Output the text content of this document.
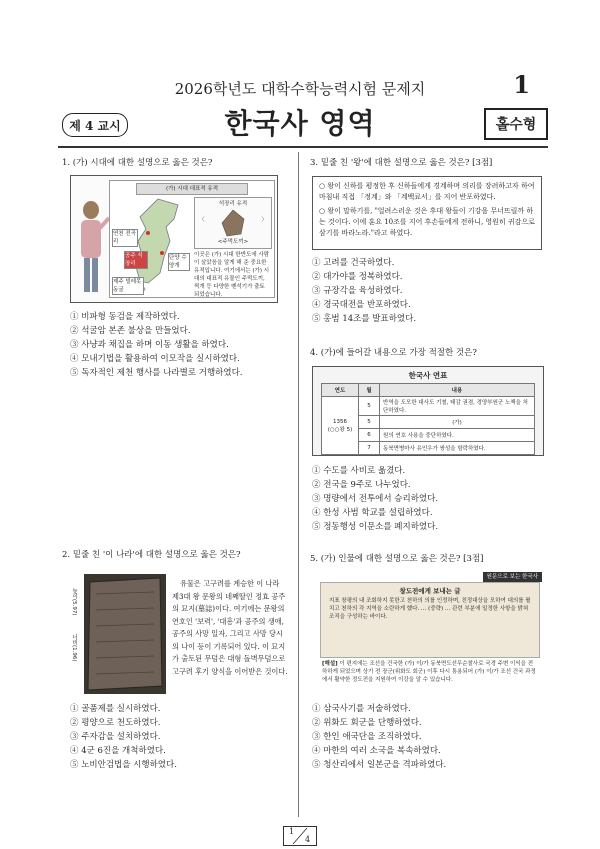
2026학년도 대학수학능력시험 문제지	1
제 4 교시	한국사 영역	홀수형
1. (가) 시대에 대한 설명으로 옳은 것은?
(가) 시대 대표적 유적
연천 전곡리
공주 석장리
단양 수양개
제주 빌레못 동굴
석장리 유적
〈	〉
<주먹도끼>
이곳은 (가) 시대 한반도에 사람이 살았음을 알게 해 준 중요한 유적입니다. 여기에서는 (가) 시대의 대표적 유물인 주먹도끼, 찍개 등 다양한 뗀석기가 출토되었습니다.
① 비파형 동검을 제작하였다.
② 석굴암 본존 불상을 만들었다.
③ 사냥과 채집을 하며 이동 생활을 하였다.
④ 모내기법을 활용하여 이모작을 실시하였다.
⑤ 독자적인 제천 행사를 나라별로 거행하였다.
2. 밑줄 친 '이 나라'에 대한 설명으로 옳은 것은?
높이(5.97)
너비(1.96)
유물은 고구려를 계승한 이 나라 제3대 왕 문왕의 네째딸인 정효 공주의 묘지(墓誌)이다. 여기에는 문왕의 연호인 '보력', '대흥'과 공주의 생애, 공주의 사망 일자, 그리고 사망 당시의 나이 등이 기록되어 있다. 이 묘지가 출토된 무덤은 대형 돌벽무덤으로 고구려 후기 양식을 이어받은 것이다.
① 골품제를 실시하였다.
② 평양으로 천도하였다.
③ 주자감을 설치하였다.
④ 4군 6진을 개척하였다.
⑤ 노비안검법을 시행하였다.
3. 밑줄 친 '왕'에 대한 설명으로 옳은 것은? [3점]
○ 왕이 신하를 평정한 후 신하들에게 경계하며 의리를 장려하고자 하여 마침내 직접 「정계」와 「계백료서」를 지어 반포하였다.
○ 왕이 말하기를, "얼려스러운 것은 후대 왕들이 기강을 무너뜨릴까 하는 것이다. 이에 훈요 10조를 지어 후손들에게 전하니, 영원히 귀감으로 삼기를 바라노라."라고 하였다.
① 고려를 건국하였다.
② 대가야를 정복하였다.
③ 규장각을 육성하였다.
④ 경국대전을 반포하였다.
⑤ 홍범 14조를 발표하였다.
4. (가)에 들어갈 내용으로 가장 적절한 것은?
한국사 연표
연도	월	내용

1356
(○○왕 5)	5	반역을 도모한 대사도 기철, 태감 권겸, 경양부원군 노책을 처단하였다.
	5	(가)
	6	원의 연호 사용을 중단하였다.
	7	동북면병마사 유인우가 쌍성을 함락하였다.
① 수도를 사비로 옮겼다.
② 전국을 9주로 나누었다.
③ 명량에서 전투에서 승리하였다.
④ 한성 사범 학교를 설립하였다.
⑤ 정동행성 이문소를 폐지하였다.
5. (가) 인물에 대한 설명으로 옳은 것은? [3점]
원문으로 보는 한국사
창도전에게 보내는 글
지표 창평의 내 조회하지 못한고 천하의 의를 인정하며, 친정대상을 모하여 대의를 펼치고 천하의 각 지역을 소란하게 했다. … (중략) … 관련 부분에 일정한 사항을 밝혀 조직을 구성하는 바이다.
[해설] 이 편지에는 조선을 건국한 (가) 이/가 동북면도선무순찰사로 국경 주변 이익을 전하하게 되었으며 상기 전 장군(위화도 회군) 이후 다시 통용되어 (가) 이/가 조선 건국 과정에서 활약한 정도전을 지원하여 이강을 알 수 있습니다.
① 삼국사기를 저술하였다.
② 위화도 회군을 단행하였다.
③ 한인 애국단을 조직하였다.
④ 마한의 여러 소국을 복속하였다.
⑤ 청산리에서 일본군을 격파하였다.
1
4
